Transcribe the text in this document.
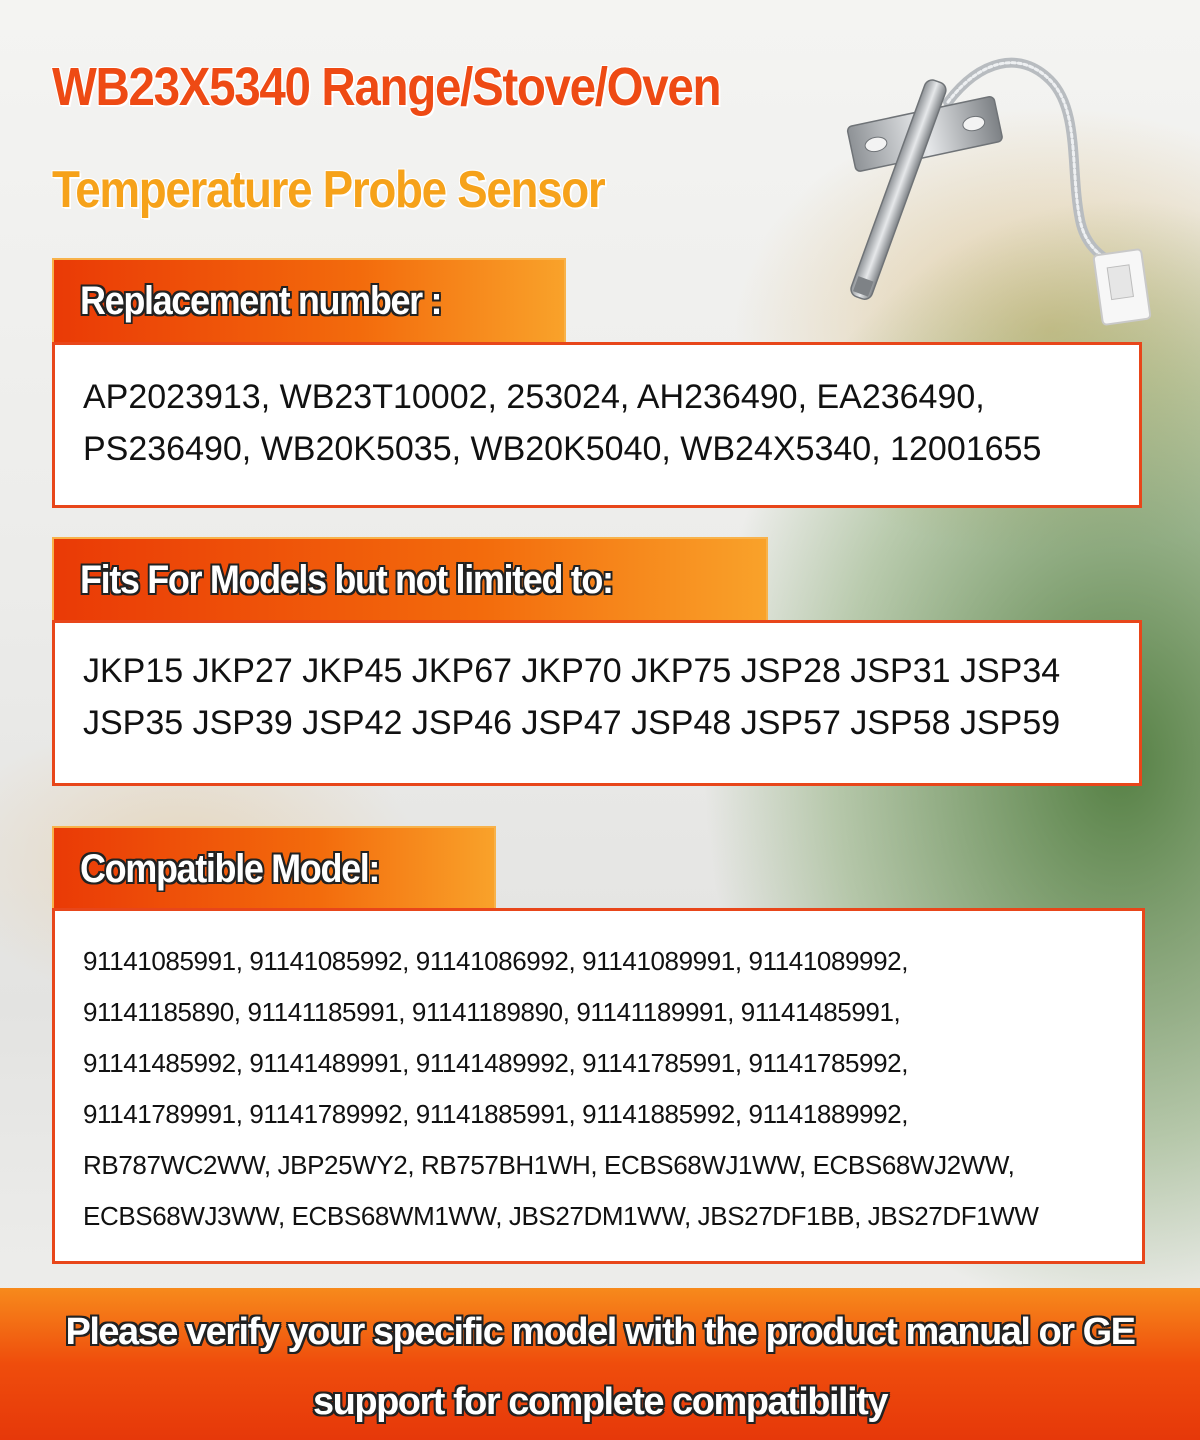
WB23X5340 Range/Stove/Oven
Temperature Probe Sensor
Replacement number :
AP2023913, WB23T10002, 253024, AH236490, EA236490,
PS236490, WB20K5035, WB20K5040, WB24X5340, 12001655
Fits For Models but not limited to:
JKP15 JKP27 JKP45 JKP67 JKP70 JKP75 JSP28 JSP31 JSP34
JSP35 JSP39 JSP42 JSP46 JSP47 JSP48 JSP57 JSP58 JSP59
Compatible Model:
91141085991, 91141085992, 91141086992, 91141089991, 91141089992,
91141185890, 91141185991, 91141189890, 91141189991, 91141485991,
91141485992, 91141489991, 91141489992, 91141785991, 91141785992,
91141789991, 91141789992, 91141885991, 91141885992, 91141889992,
RB787WC2WW, JBP25WY2, RB757BH1WH, ECBS68WJ1WW, ECBS68WJ2WW,
ECBS68WJ3WW, ECBS68WM1WW, JBS27DM1WW, JBS27DF1BB, JBS27DF1WW
Please verify your specific model with the product manual or GE
support for complete compatibility
